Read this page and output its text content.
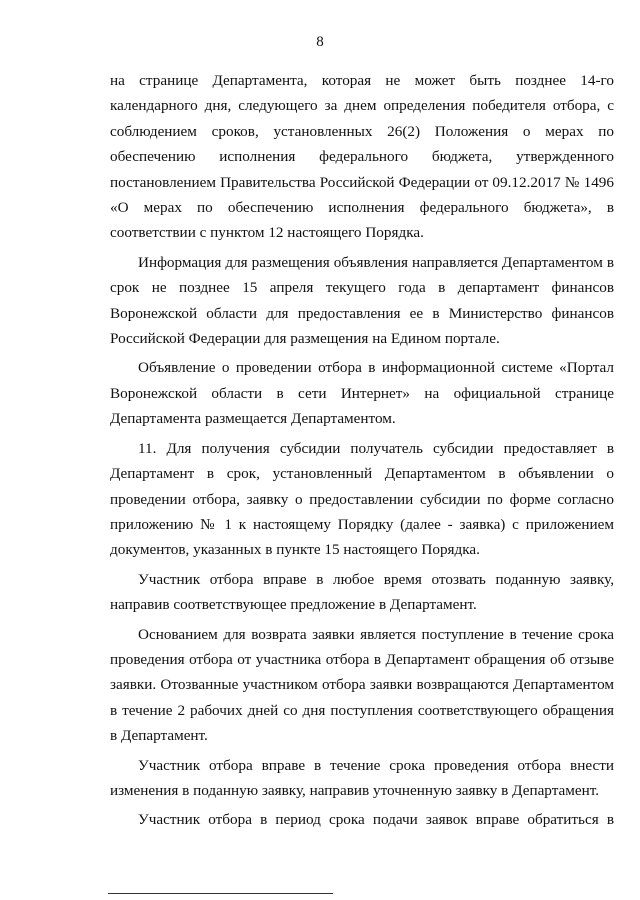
8

на странице Департамента, которая не может быть позднее 14-го календарного дня, следующего за днем определения победителя отбора, с соблюдением сроков, установленных 26(2) Положения о мерах по обеспечению исполнения федерального бюджета, утвержденного постановлением Правительства Российской Федерации от 09.12.2017 № 1496 «О мерах по обеспечению исполнения федерального бюджета», в соответствии с пунктом 12 настоящего Порядка.

Информация для размещения объявления направляется Департаментом в срок не позднее 15 апреля текущего года в департамент финансов Воронежской области для предоставления ее в Министерство финансов Российской Федерации для размещения на Едином портале.

Объявление о проведении отбора в информационной системе «Портал Воронежской области в сети Интернет» на официальной странице Департамента размещается Департаментом.

11. Для получения субсидии получатель субсидии предоставляет в Департамент в срок, установленный Департаментом в объявлении о проведении отбора, заявку о предоставлении субсидии по форме согласно приложению № 1 к настоящему Порядку (далее - заявка) с приложением документов, указанных в пункте 15 настоящего Порядка.

Участник отбора вправе в любое время отозвать поданную заявку, направив соответствующее предложение в Департамент.

Основанием для возврата заявки является поступление в течение срока проведения отбора от участника отбора в Департамент обращения об отзыве заявки. Отозванные участником отбора заявки возвращаются Департаментом в течение 2 рабочих дней со дня поступления соответствующего обращения в Департамент.

Участник отбора вправе в течение срока проведения отбора внести изменения в поданную заявку, направив уточненную заявку в Департамент.

Участник отбора в период срока подачи заявок вправе обратиться в
